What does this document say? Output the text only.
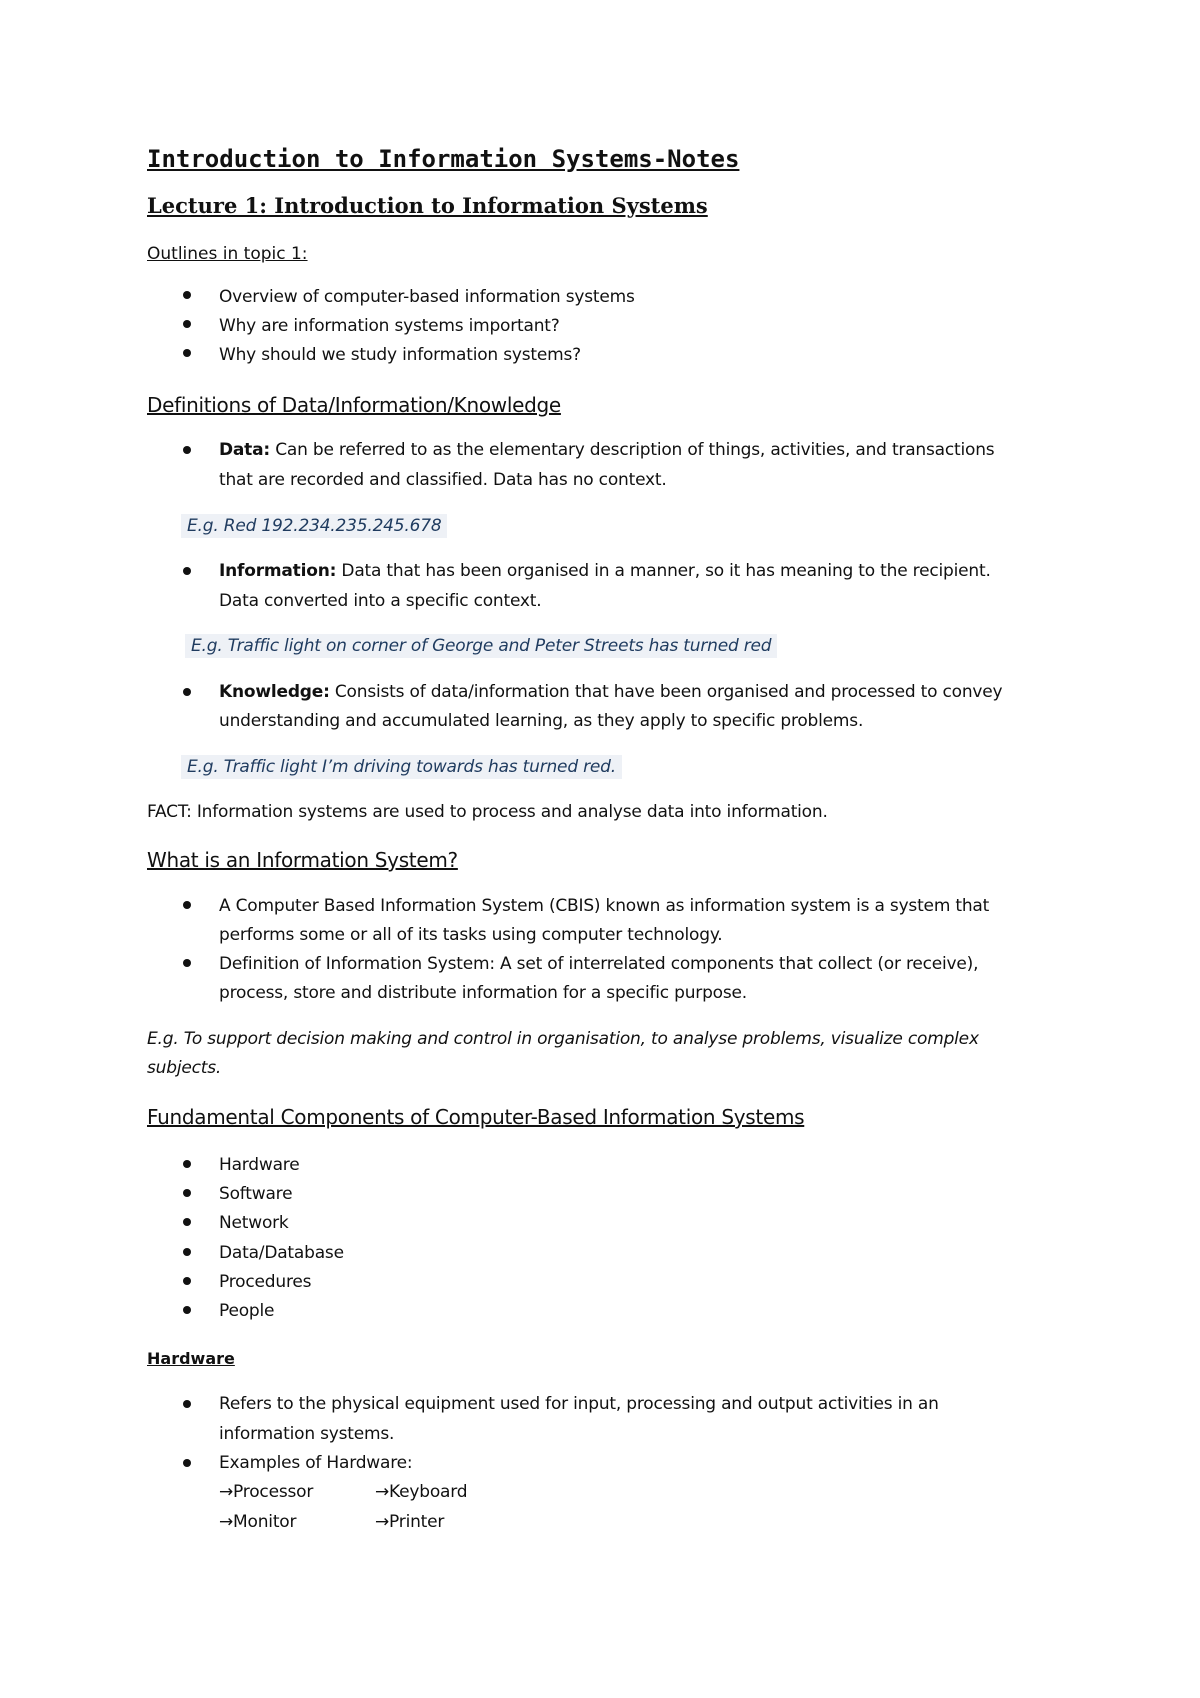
Introduction to Information Systems-Notes
Lecture 1: Introduction to Information Systems
Outlines in topic 1:
Overview of computer-based information systems
Why are information systems important?
Why should we study information systems?
Definitions of Data/Information/Knowledge
Data: Can be referred to as the elementary description of things, activities, and transactions
that are recorded and classified. Data has no context.
E.g. Red 192.234.235.245.678
Information: Data that has been organised in a manner, so it has meaning to the recipient.
Data converted into a specific context.
E.g. Traffic light on corner of George and Peter Streets has turned red
Knowledge: Consists of data/information that have been organised and processed to convey
understanding and accumulated learning, as they apply to specific problems.
E.g. Traffic light I’m driving towards has turned red.
FACT: Information systems are used to process and analyse data into information.
What is an Information System?
A Computer Based Information System (CBIS) known as information system is a system that
performs some or all of its tasks using computer technology.
Definition of Information System: A set of interrelated components that collect (or receive),
process, store and distribute information for a specific purpose.
E.g. To support decision making and control in organisation, to analyse problems, visualize complex
subjects.
Fundamental Components of Computer-Based Information Systems
Hardware
Software
Network
Data/Database
Procedures
People
Hardware
Refers to the physical equipment used for input, processing and output activities in an
information systems.
Examples of Hardware:
→Processor	→Keyboard
→Monitor	→Printer
